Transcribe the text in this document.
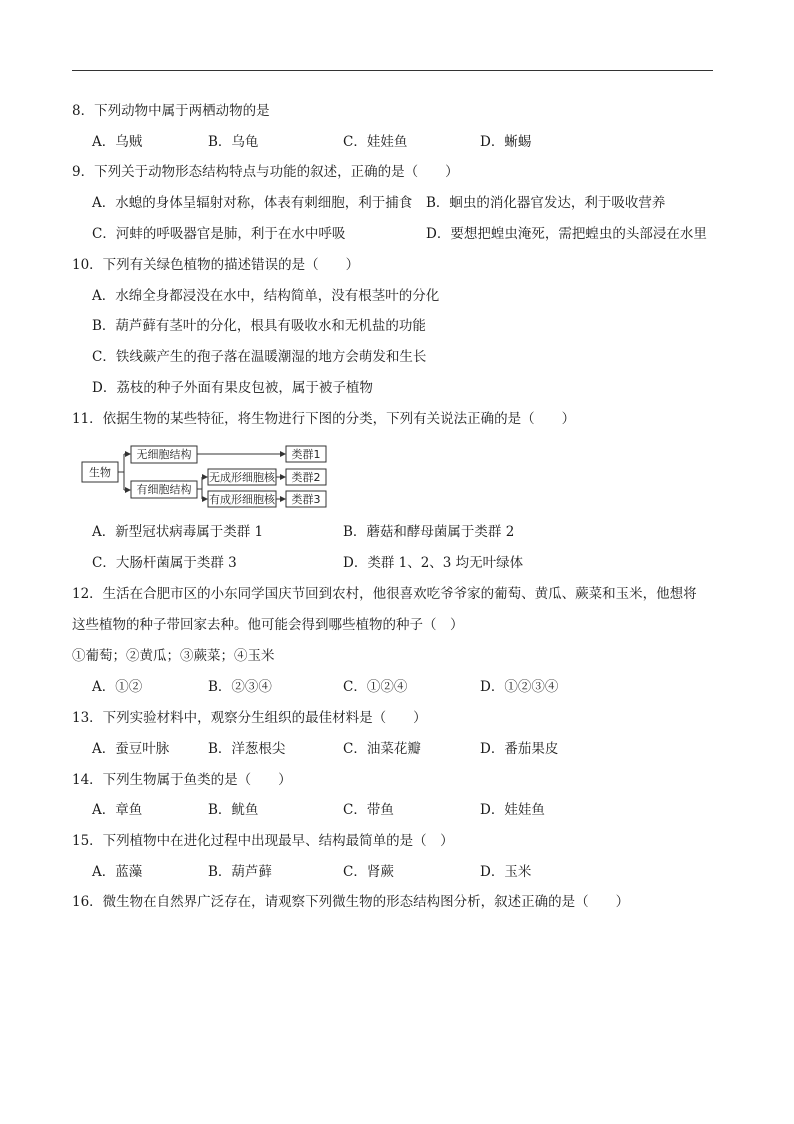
8．下列动物中属于两栖动物的是
A．乌贼	B．乌龟	C．娃娃鱼	D．蜥蜴
9．下列关于动物形态结构特点与功能的叙述，正确的是（　　）
A．水螅的身体呈辐射对称，体表有刺细胞，利于捕食 B．蛔虫的消化器官发达，利于吸收营养
C．河蚌的呼吸器官是肺，利于在水中呼吸	D．要想把蝗虫淹死，需把蝗虫的头部浸在水里
10．下列有关绿色植物的描述错误的是（　　）
A．水绵全身都浸没在水中，结构简单，没有根茎叶的分化
B．葫芦藓有茎叶的分化，根具有吸收水和无机盐的功能
C．铁线蕨产生的孢子落在温暖潮湿的地方会萌发和生长
D．荔枝的种子外面有果皮包被，属于被子植物
11．依据生物的某些特征，将生物进行下图的分类，下列有关说法正确的是（　　）
生物
无细胞结构
有细胞结构
无成形细胞核
有成形细胞核
类群1
类群2
类群3
A．新型冠状病毒属于类群 1	B．蘑菇和酵母菌属于类群 2
C．大肠杆菌属于类群 3	D．类群 1、2、3 均无叶绿体
12．生活在合肥市区的小东同学国庆节回到农村，他很喜欢吃爷爷家的葡萄、黄瓜、蕨菜和玉米，他想将
这些植物的种子带回家去种。他可能会得到哪些植物的种子（　）
①葡萄；②黄瓜；③蕨菜；④玉米
A．①②	B．②③④	C．①②④	D．①②③④
13．下列实验材料中，观察分生组织的最佳材料是（　　）
A．蚕豆叶脉	B．洋葱根尖	C．油菜花瓣	D．番茄果皮
14．下列生物属于鱼类的是（　　）
A．章鱼	B．鱿鱼	C．带鱼	D．娃娃鱼
15．下列植物中在进化过程中出现最早、结构最简单的是（　）
A．蓝藻	B．葫芦藓	C．肾蕨	D．玉米
16．微生物在自然界广泛存在，请观察下列微生物的形态结构图分析，叙述正确的是（　　）
